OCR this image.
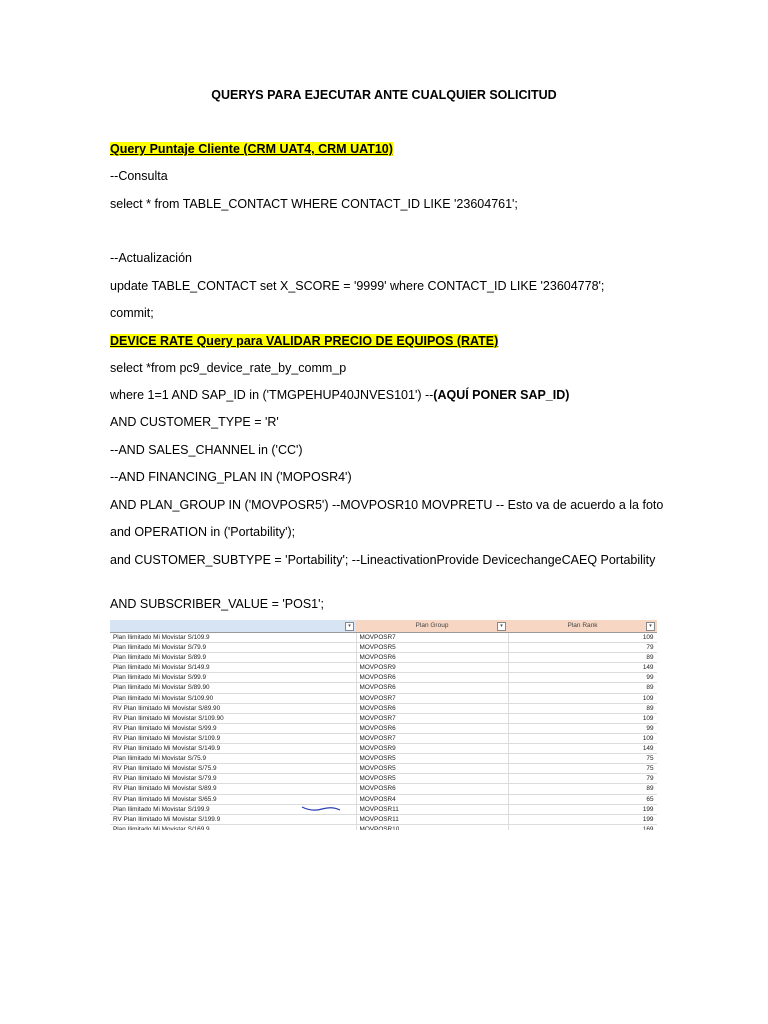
QUERYS PARA EJECUTAR ANTE CUALQUIER SOLICITUD
Query Puntaje Cliente (CRM UAT4, CRM UAT10)
--Consulta
select * from TABLE_CONTACT WHERE CONTACT_ID LIKE '23604761';
--Actualización
update TABLE_CONTACT set X_SCORE = '9999' where CONTACT_ID LIKE '23604778';
commit;
DEVICE RATE Query para VALIDAR PRECIO DE EQUIPOS (RATE)
select *from pc9_device_rate_by_comm_p
where 1=1 AND SAP_ID in ('TMGPEHUP40JNVES101') --(AQUÍ PONER SAP_ID)
AND CUSTOMER_TYPE = 'R'
--AND SALES_CHANNEL in ('CC')
--AND FINANCING_PLAN IN ('MOPOSR4')
AND PLAN_GROUP IN ('MOVPOSR5') --MOVPOSR10 MOVPRETU -- Esto va de acuerdo a la foto
and OPERATION in ('Portability');
and CUSTOMER_SUBTYPE = 'Portability'; --LineactivationProvide DevicechangeCAEQ Portability
AND SUBSCRIBER_VALUE = 'POS1';
▾	Plan Group ▾	Plan Rank ▾

Plan Ilimitado Mi Movistar S/109.9	MOVPOSR7	109
Plan Ilimitado Mi Movistar S/79.9	MOVPOSR5	79
Plan Ilimitado Mi Movistar S/89.9	MOVPOSR6	89
Plan Ilimitado Mi Movistar S/149.9	MOVPOSR9	149
Plan Ilimitado Mi Movistar S/99.9	MOVPOSR6	99
Plan Ilimitado Mi Movistar S/89.90	MOVPOSR6	89
Plan Ilimitado Mi Movistar S/109.90	MOVPOSR7	109
RV Plan Ilimitado Mi Movistar S/89.90	MOVPOSR6	89
RV Plan Ilimitado Mi Movistar S/109.90	MOVPOSR7	109
RV Plan Ilimitado Mi Movistar S/99.9	MOVPOSR6	99
RV Plan Ilimitado Mi Movistar S/109.9	MOVPOSR7	109
RV Plan Ilimitado Mi Movistar S/149.9	MOVPOSR9	149
Plan Ilimitado Mi Movistar S/75.9	MOVPOSR5	75
RV Plan Ilimitado Mi Movistar S/75.9	MOVPOSR5	75
RV Plan Ilimitado Mi Movistar S/79.9	MOVPOSR5	79
RV Plan Ilimitado Mi Movistar S/89.9	MOVPOSR6	89
RV Plan Ilimitado Mi Movistar S/65.9	MOVPOSR4	65
Plan Ilimitado Mi Movistar S/199.9	MOVPOSR11	199
RV Plan Ilimitado Mi Movistar S/199.9	MOVPOSR11	199
Plan Ilimitado Mi Movistar S/169.9	MOVPOSR10	169
